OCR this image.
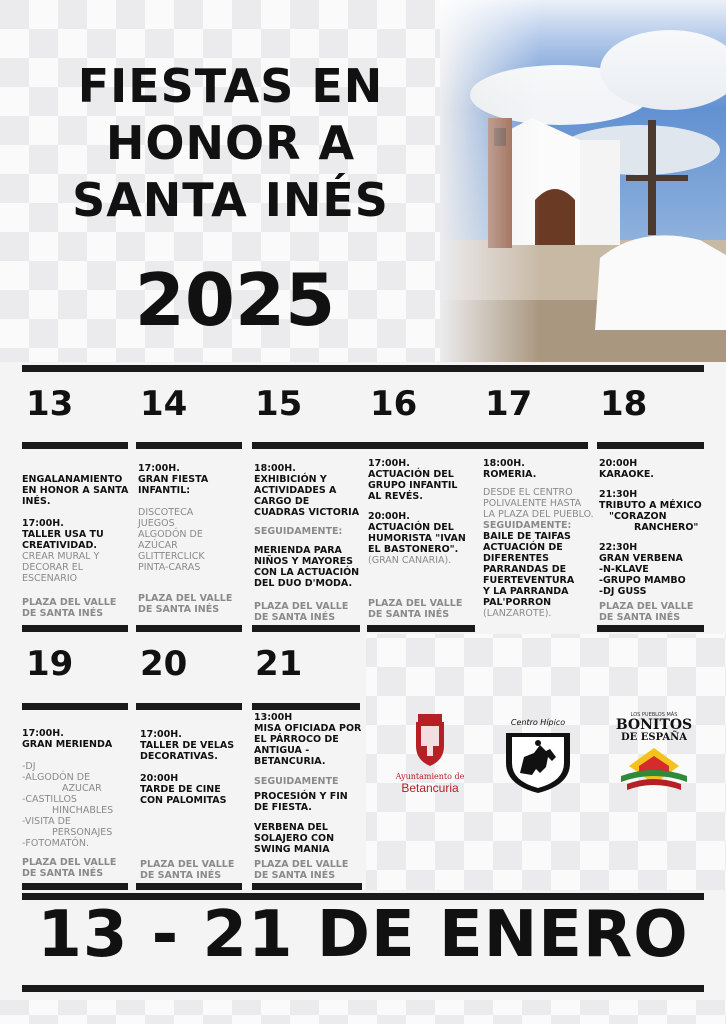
FIESTAS EN
HONOR A
SANTA INÉS
2025
13 14 15 16 17 18
ENGALANAMIENTO
EN HONOR A SANTA
INÉS.
17:00H.
TALLER USA TU
CREATIVIDAD.
CREAR MURAL Y
DECORAR EL
ESCENARIO
PLAZA DEL VALLE
DE SANTA INÉS
17:00H.
GRAN FIESTA
INFANTIL:
DISCOTECA
JUEGOS
ALGODÓN DE
AZÚCAR
GLITTERCLICK
PINTA-CARAS
PLAZA DEL VALLE
DE SANTA INÉS
18:00H.
EXHIBICIÓN Y
ACTIVIDADES A
CARGO DE
CUADRAS VICTORIA
SEGUIDAMENTE:
MERIENDA PARA
NIÑOS Y MAYORES
CON LA ACTUACIÓN
DEL DUO D'MODA.
PLAZA DEL VALLE
DE SANTA INÉS
17:00H.
ACTUACIÓN DEL
GRUPO INFANTIL
AL REVÉS.
20:00H.
ACTUACIÓN DEL
HUMORISTA "IVAN
EL BASTONERO".
(GRAN CANARIA).
PLAZA DEL VALLE
DE SANTA INÉS
18:00H.
ROMERIA.
DESDE EL CENTRO
POLIVALENTE HASTA
LA PLAZA DEL PUEBLO.
SEGUIDAMENTE:
BAILE DE TAIFAS
ACTUACIÓN DE
DIFERENTES
PARRANDAS DE
FUERTEVENTURA
Y LA PARRANDA
PAL'PORRON
(LANZAROTE).
20:00H
KARAOKE.
21:30H
TRIBUTO A MÉXICO
"CORAZON
RANCHERO"
22:30H
GRAN VERBENA
-N-KLAVE
-GRUPO MAMBO
-DJ GUSS
PLAZA DEL VALLE
DE SANTA INÉS
19 20 21
17:00H.
GRAN MERIENDA
-DJ
-ALGODÓN DE
AZUCAR
-CASTILLOS
HINCHABLES
-VISITA DE
PERSONAJES
-FOTOMATÓN.
PLAZA DEL VALLE
DE SANTA INÉS
17:00H.
TALLER DE VELAS
DECORATIVAS.
20:00H
TARDE DE CINE
CON PALOMITAS
PLAZA DEL VALLE
DE SANTA INÉS
13:00H
MISA OFICIADA POR
EL PÁRROCO DE
ANTIGUA -
BETANCURIA.
SEGUIDAMENTE
PROCESIÓN Y FIN
DE FIESTA.
VERBENA DEL
SOLAJERO CON
SWING MANIA
PLAZA DEL VALLE
DE SANTA INÉS
Ayuntamiento de
Betancuria
Centro Hípico
LOS PUEBLOS MÁS
BONITOS
DE ESPAÑA
13 - 21 DE ENERO
